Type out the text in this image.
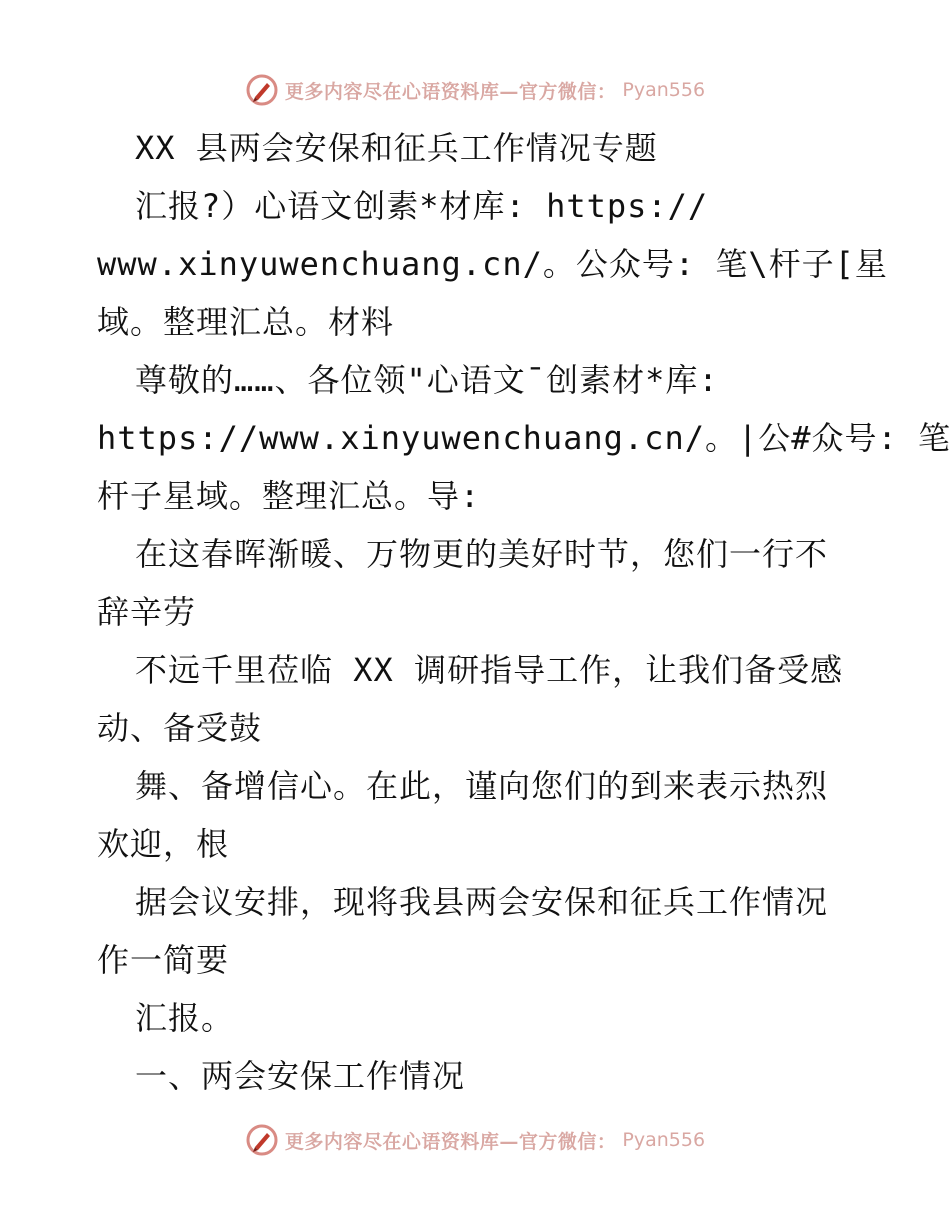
更多内容尽在心语资料库—官方微信： Pyan556
XX 县两会安保和征兵工作情况专题
汇报?）心语文创素*材库: https://
www.xinyuwenchuang.cn/。公众号: 笔\杆子[星
域。整理汇总。材料
尊敬的……、各位领"心语文¯创素材*库:
https://www.xinyuwenchuang.cn/。|公#众号: 笔
杆子星域。整理汇总。导:
在这春晖渐暖、万物更的美好时节，您们一行不
辞辛劳
不远千里莅临 XX 调研指导工作，让我们备受感
动、备受鼓
舞、备增信心。在此，谨向您们的到来表示热烈
欢迎，根
据会议安排，现将我县两会安保和征兵工作情况
作一简要
汇报。
一、两会安保工作情况
更多内容尽在心语资料库—官方微信： Pyan556
